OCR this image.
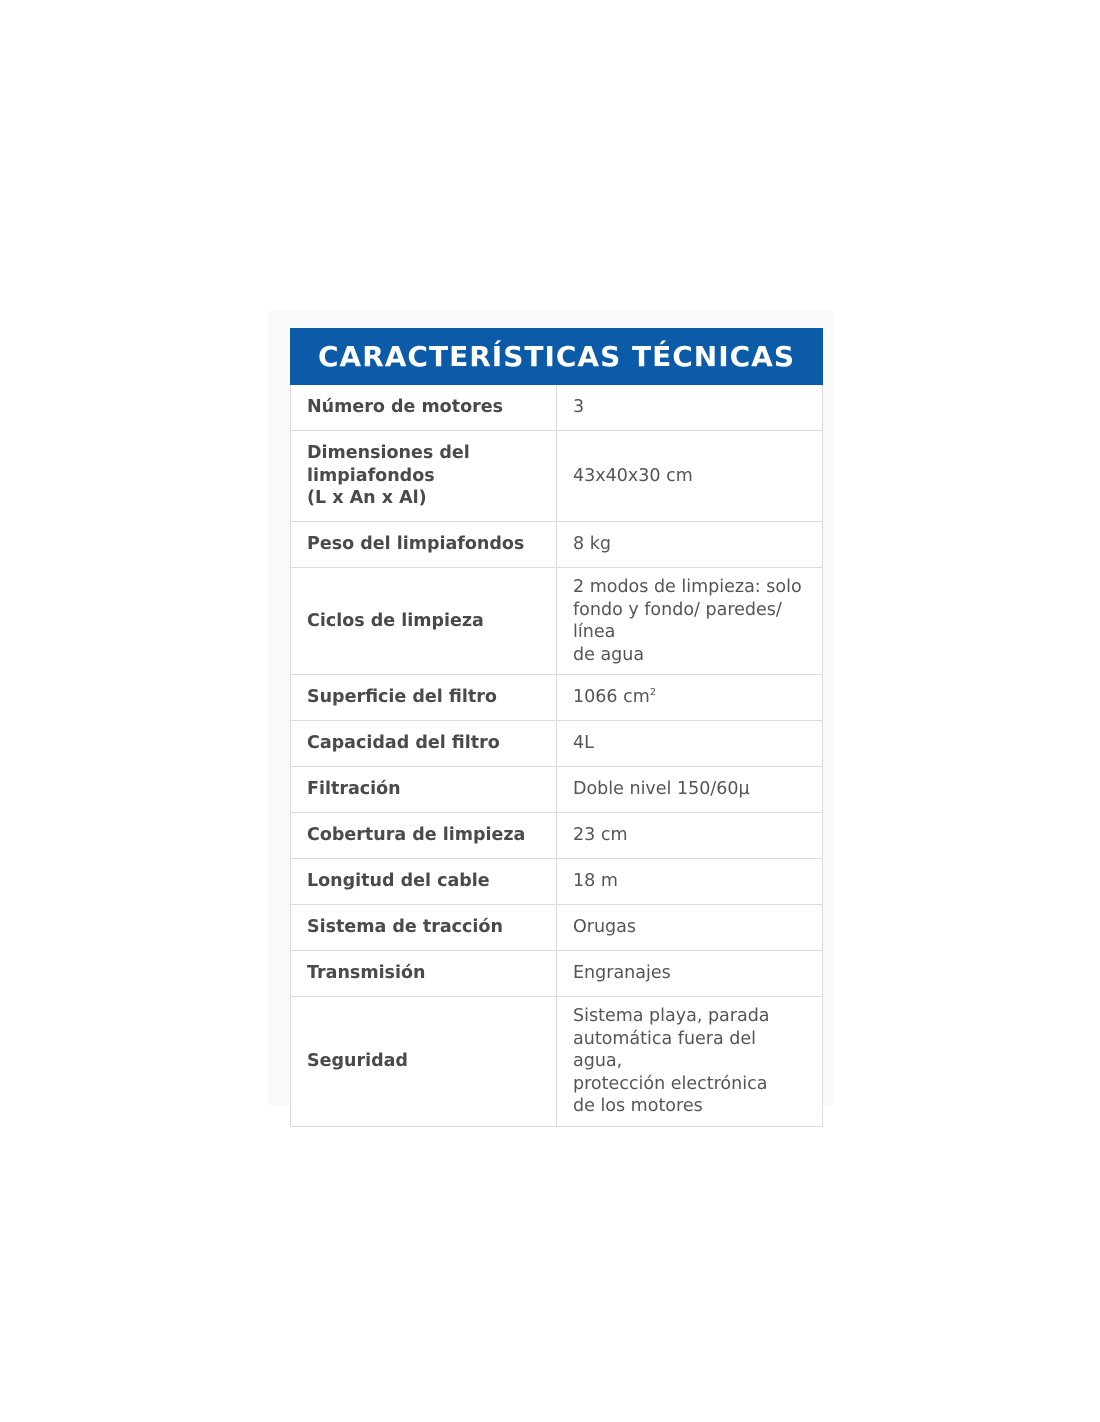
CARACTERÍSTICAS TÉCNICAS	
Número de motores	3
Dimensiones del
limpiafondos
(L x An x Al)	43x40x30 cm
Peso del limpiafondos	8 kg
Ciclos de limpieza	2 modos de limpieza: solo
fondo y fondo/ paredes/ línea
de agua
Superficie del filtro	1066 $cm^2$
Capacidad del filtro	4L
Filtración	Doble nivel 150/60µ
Cobertura de limpieza	23 cm
Longitud del cable	18 m
Sistema de tracción	Orugas
Transmisión	Engranajes
Seguridad	Sistema playa, parada
automática fuera del agua,
protección electrónica
de los motores
